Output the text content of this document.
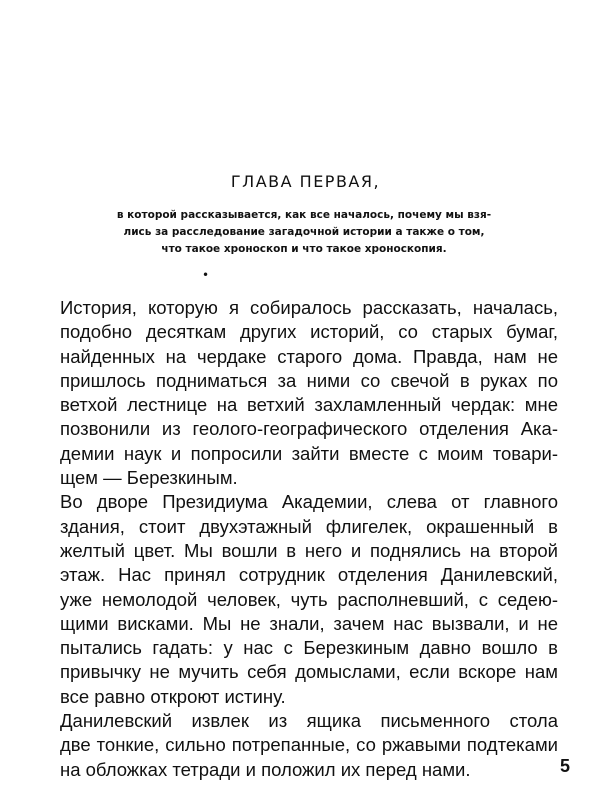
ГЛАВА ПЕРВАЯ,
в которой рассказывается, как все началось, почему мы взя-
лись за расследование загадочной истории а также о том,
что такое хроноскоп и что такое хроноскопия.
•
История, которую я собиралось рассказать, началась,
подобно десяткам других историй, со старых бумаг,
найденных на чердаке старого дома. Правда, нам не
пришлось подниматься за ними со свечой в руках по
ветхой лестнице на ветхий захламленный чердак: мне
позвонили из геолого-географического отделения Ака-
демии наук и попросили зайти вместе с моим товари-
щем — Березкиным.
Во дворе Президиума Академии, слева от главного
здания, стоит двухэтажный флигелек, окрашенный в
желтый цвет. Мы вошли в него и поднялись на второй
этаж. Нас принял сотрудник отделения Данилевский,
уже немолодой человек, чуть располневший, с седею-
щими висками. Мы не знали, зачем нас вызвали, и не
пытались гадать: у нас с Березкиным давно вошло в
привычку не мучить себя домыслами, если вскоре нам
все равно откроют истину.
Данилевский извлек из ящика письменного стола
две тонкие, сильно потрепанные, со ржавыми подтеками
на обложках тетради и положил их перед нами.	5
